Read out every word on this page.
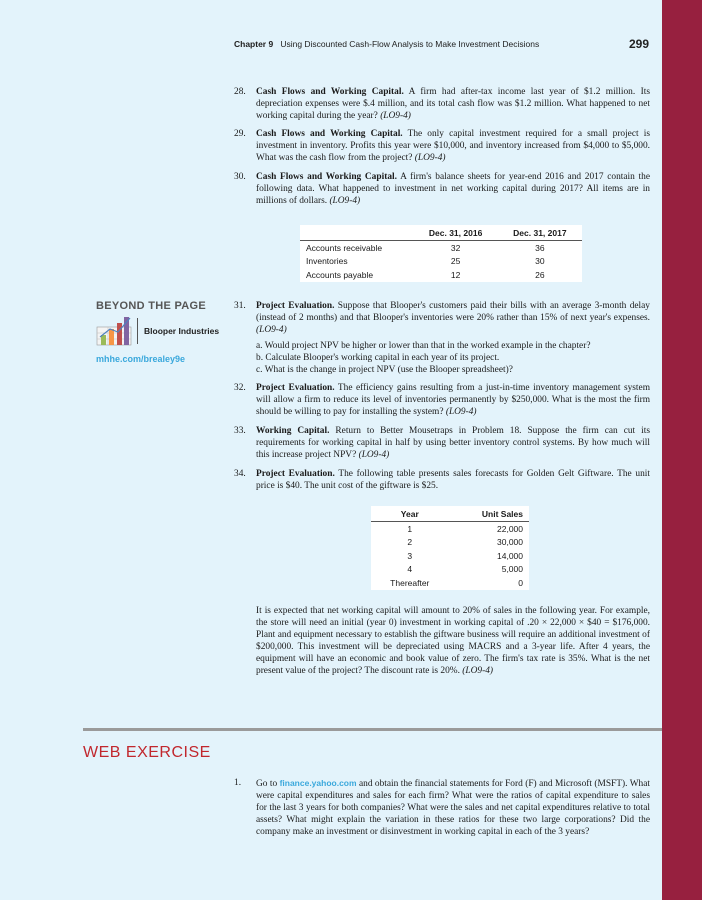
Chapter 9 Using Discounted Cash-Flow Analysis to Make Investment Decisions	299
28. Cash Flows and Working Capital. A firm had after-tax income last year of $1.2 million. Its depreciation expenses were $.4 million, and its total cash flow was $1.2 million. What happened to net working capital during the year? (LO9-4)
29. Cash Flows and Working Capital. The only capital investment required for a small project is investment in inventory. Profits this year were $10,000, and inventory increased from $4,000 to $5,000. What was the cash flow from the project? (LO9-4)
30. Cash Flows and Working Capital. A firm's balance sheets for year-end 2016 and 2017 contain the following data. What happened to investment in net working capital during 2017? All items are in millions of dollars. (LO9-4)
	Dec. 31, 2016	Dec. 31, 2017
Accounts receivable	32	36
Inventories	25	30
Accounts payable	12	26
BEYOND THE PAGE
Blooper Industries
mhhe.com/brealey9e
31. Project Evaluation. Suppose that Blooper's customers paid their bills with an average 3-month delay (instead of 2 months) and that Blooper's inventories were 20% rather than 15% of next year's expenses. (LO9-4)
a. Would project NPV be higher or lower than that in the worked example in the chapter?
b. Calculate Blooper's working capital in each year of its project.
c. What is the change in project NPV (use the Blooper spreadsheet)?
32. Project Evaluation. The efficiency gains resulting from a just-in-time inventory management system will allow a firm to reduce its level of inventories permanently by $250,000. What is the most the firm should be willing to pay for installing the system? (LO9-4)
33. Working Capital. Return to Better Mousetraps in Problem 18. Suppose the firm can cut its requirements for working capital in half by using better inventory control systems. By how much will this increase project NPV? (LO9-4)
34. Project Evaluation. The following table presents sales forecasts for Golden Gelt Giftware. The unit price is $40. The unit cost of the giftware is $25.
Year	Unit Sales
1	22,000
2	30,000
3	14,000
4	5,000
Thereafter	0
It is expected that net working capital will amount to 20% of sales in the following year. For example, the store will need an initial (year 0) investment in working capital of .20 × 22,000 × $40 = $176,000. Plant and equipment necessary to establish the giftware business will require an additional investment of $200,000. This investment will be depreciated using MACRS and a 3-year life. After 4 years, the equipment will have an economic and book value of zero. The firm's tax rate is 35%. What is the net present value of the project? The discount rate is 20%. (LO9-4)
WEB EXERCISE
1. Go to finance.yahoo.com and obtain the financial statements for Ford (F) and Microsoft (MSFT). What were capital expenditures and sales for each firm? What were the ratios of capital expenditure to sales for the last 3 years for both companies? What were the sales and net capital expenditures relative to total assets? What might explain the variation in these ratios for these two large corporations? Did the company make an investment or disinvestment in working capital in each of the 3 years?
